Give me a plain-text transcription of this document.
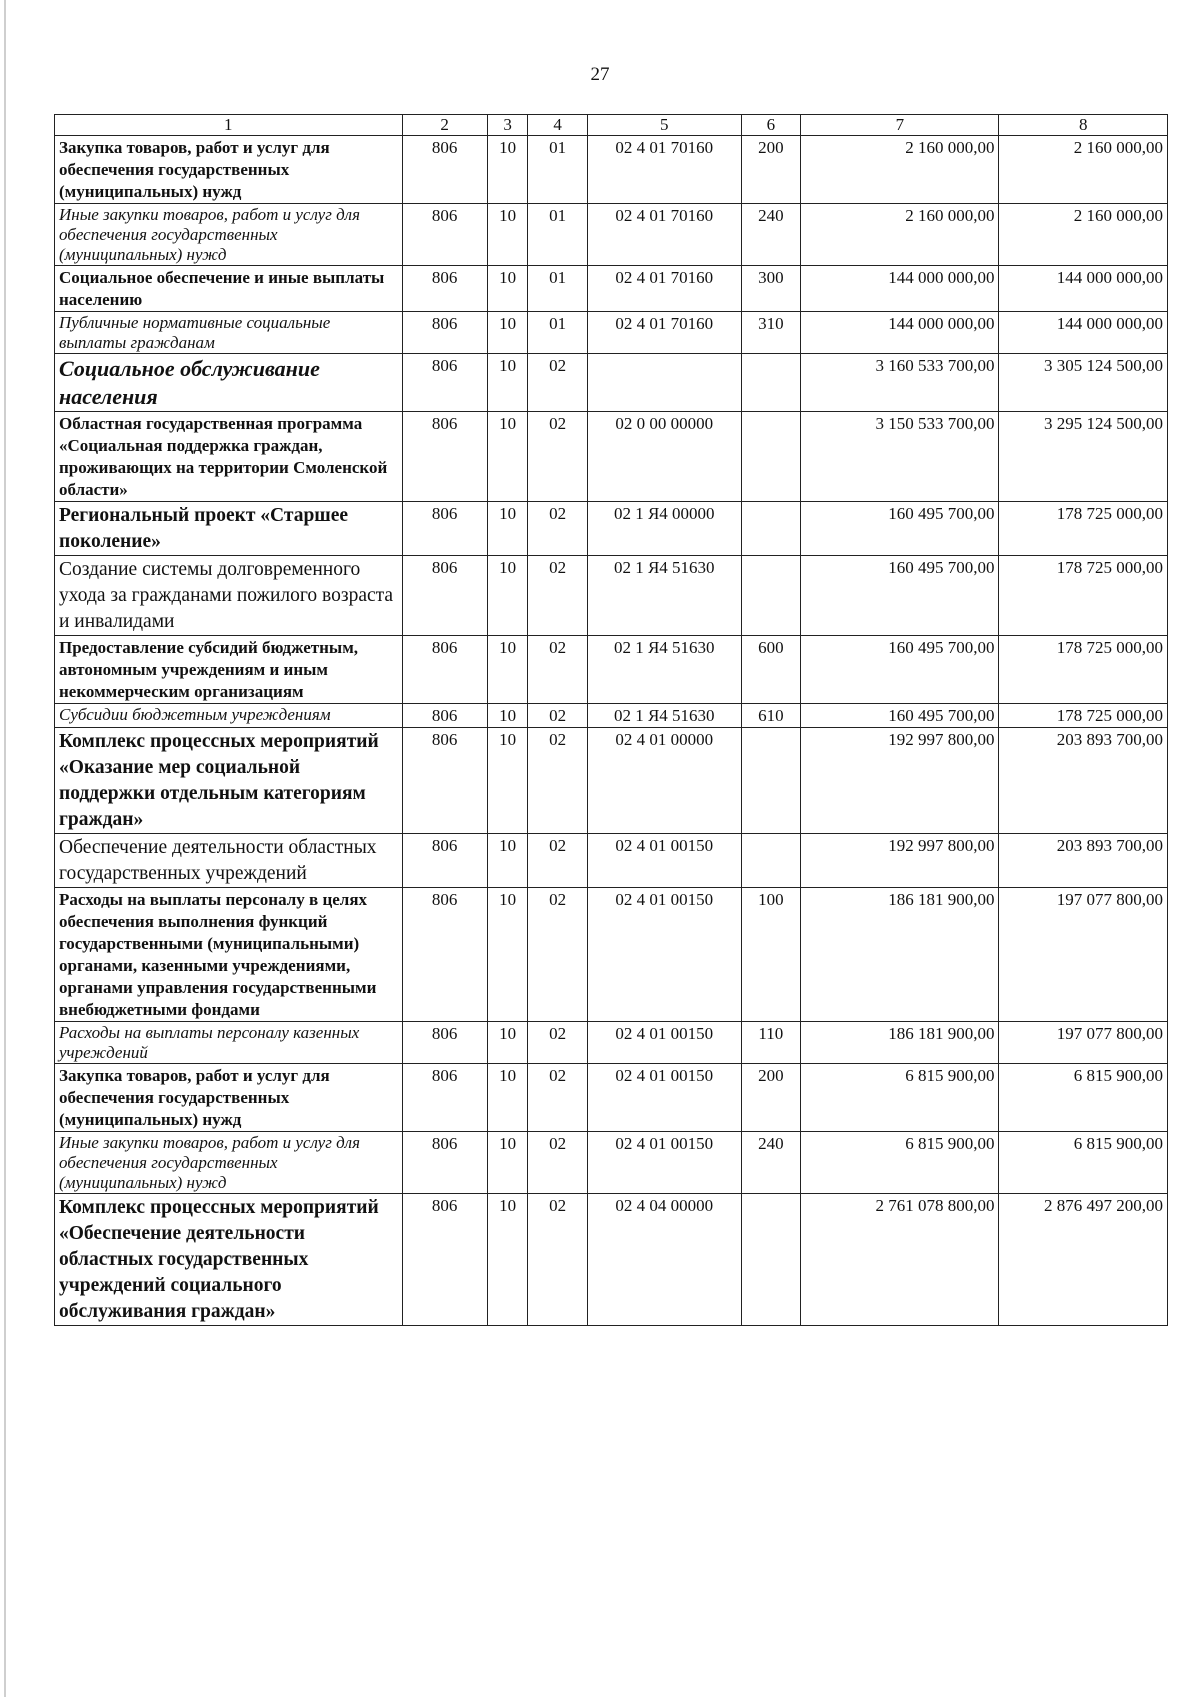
27
1	2	3	4	5	6	7	8
Закупка товаров, работ и услуг для обеспечения государственных (муниципальных) нужд	806	10	01	02 4 01 70160	200	2 160 000,00	2 160 000,00
Иные закупки товаров, работ и услуг для обеспечения государственных (муниципальных) нужд	806	10	01	02 4 01 70160	240	2 160 000,00	2 160 000,00
Социальное обеспечение и иные выплаты населению	806	10	01	02 4 01 70160	300	144 000 000,00	144 000 000,00
Публичные нормативные социальные выплаты гражданам	806	10	01	02 4 01 70160	310	144 000 000,00	144 000 000,00
Социальное обслуживание населения	806	10	02			3 160 533 700,00	3 305 124 500,00
Областная государственная программа «Социальная поддержка граждан, проживающих на территории Смоленской области»	806	10	02	02 0 00 00000		3 150 533 700,00	3 295 124 500,00
Региональный проект «Старшее поколение»	806	10	02	02 1 Я4 00000		160 495 700,00	178 725 000,00
Создание системы долговременного ухода за гражданами пожилого возраста и инвалидами	806	10	02	02 1 Я4 51630		160 495 700,00	178 725 000,00
Предоставление субсидий бюджетным, автономным учреждениям и иным некоммерческим организациям	806	10	02	02 1 Я4 51630	600	160 495 700,00	178 725 000,00
Субсидии бюджетным учреждениям	806	10	02	02 1 Я4 51630	610	160 495 700,00	178 725 000,00
Комплекс процессных мероприятий «Оказание мер социальной поддержки отдельным категориям граждан»	806	10	02	02 4 01 00000		192 997 800,00	203 893 700,00
Обеспечение деятельности областных государственных учреждений	806	10	02	02 4 01 00150		192 997 800,00	203 893 700,00
Расходы на выплаты персоналу в целях обеспечения выполнения функций государственными (муниципальными) органами, казенными учреждениями, органами управления государственными внебюджетными фондами	806	10	02	02 4 01 00150	100	186 181 900,00	197 077 800,00
Расходы на выплаты персоналу казенных учреждений	806	10	02	02 4 01 00150	110	186 181 900,00	197 077 800,00
Закупка товаров, работ и услуг для обеспечения государственных (муниципальных) нужд	806	10	02	02 4 01 00150	200	6 815 900,00	6 815 900,00
Иные закупки товаров, работ и услуг для обеспечения государственных (муниципальных) нужд	806	10	02	02 4 01 00150	240	6 815 900,00	6 815 900,00
Комплекс процессных мероприятий «Обеспечение деятельности областных государственных учреждений социального обслуживания граждан»	806	10	02	02 4 04 00000		2 761 078 800,00	2 876 497 200,00
